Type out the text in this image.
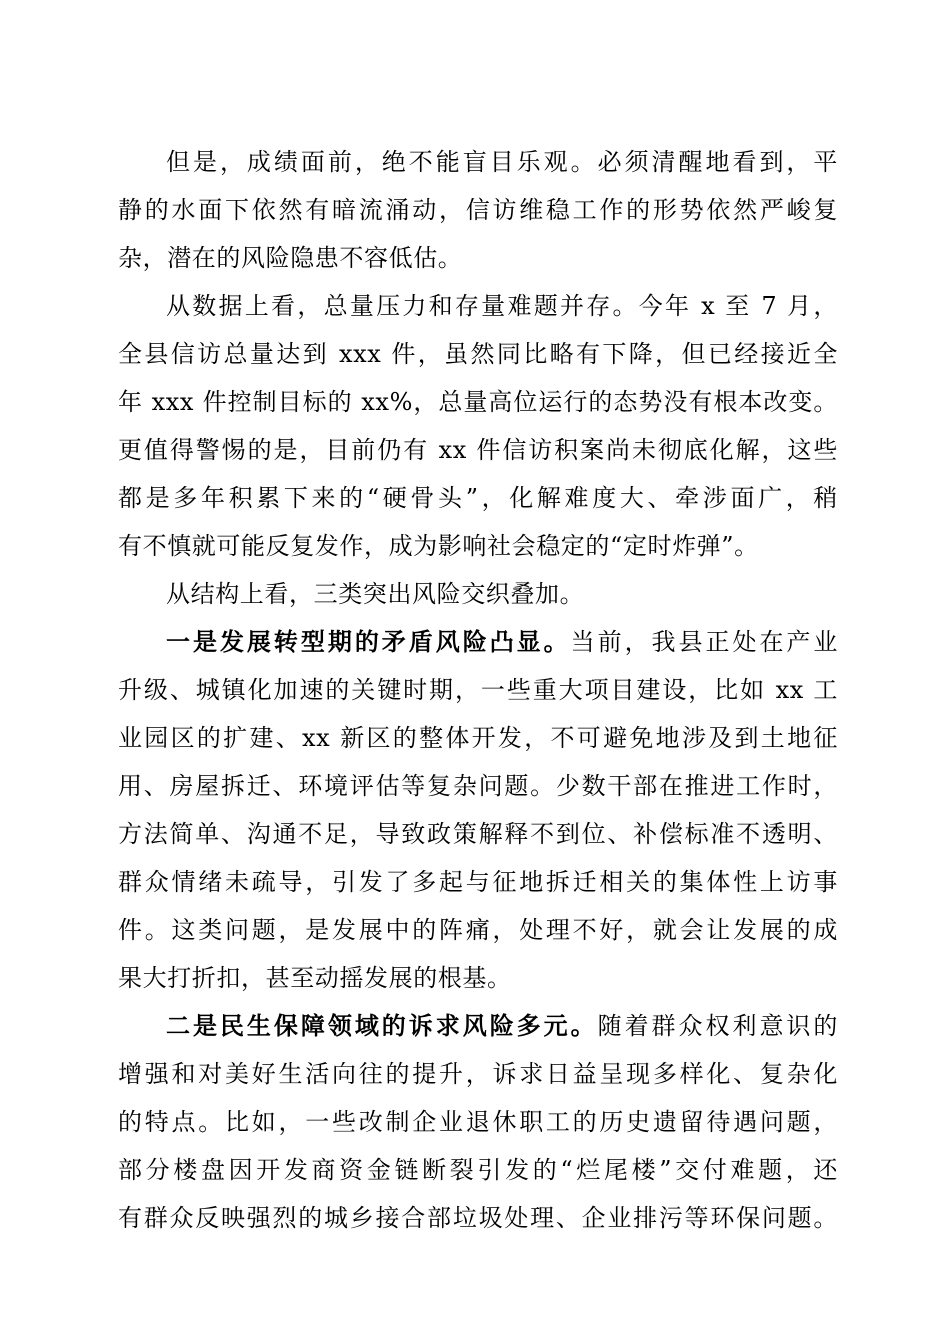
但是，成绩面前，绝不能盲目乐观。必须清醒地看到，平
静的水面下依然有暗流涌动，信访维稳工作的形势依然严峻复
杂，潜在的风险隐患不容低估。
从数据上看，总量压力和存量难题并存。今年 x 至 7 月，
全县信访总量达到 xxx 件，虽然同比略有下降，但已经接近全
年 xxx 件控制目标的 xx%，总量高位运行的态势没有根本改变。
更值得警惕的是，目前仍有 xx 件信访积案尚未彻底化解，这些
都是多年积累下来的“硬骨头”，化解难度大、牵涉面广，稍
有不慎就可能反复发作，成为影响社会稳定的“定时炸弹”。
从结构上看，三类突出风险交织叠加。
一是发展转型期的矛盾风险凸显。当前，我县正处在产业
升级、城镇化加速的关键时期，一些重大项目建设，比如 xx 工
业园区的扩建、xx 新区的整体开发，不可避免地涉及到土地征
用、房屋拆迁、环境评估等复杂问题。少数干部在推进工作时，
方法简单、沟通不足，导致政策解释不到位、补偿标准不透明、
群众情绪未疏导，引发了多起与征地拆迁相关的集体性上访事
件。这类问题，是发展中的阵痛，处理不好，就会让发展的成
果大打折扣，甚至动摇发展的根基。
二是民生保障领域的诉求风险多元。随着群众权利意识的
增强和对美好生活向往的提升，诉求日益呈现多样化、复杂化
的特点。比如，一些改制企业退休职工的历史遗留待遇问题，
部分楼盘因开发商资金链断裂引发的“烂尾楼”交付难题，还
有群众反映强烈的城乡接合部垃圾处理、企业排污等环保问题。
